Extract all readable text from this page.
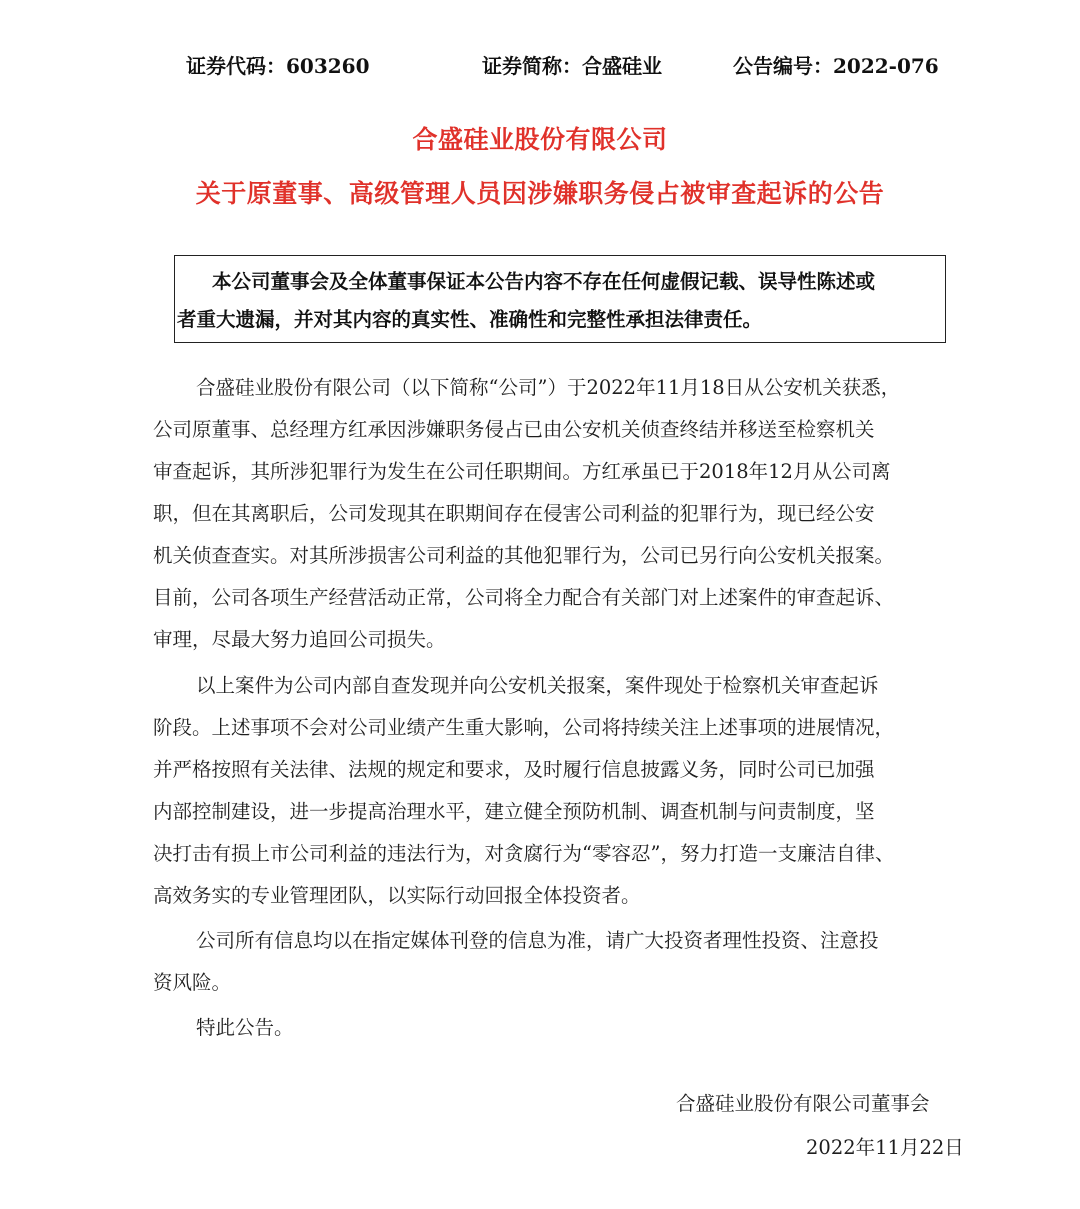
证券代码：603260	证券简称：合盛硅业	公告编号：2022-076
合盛硅业股份有限公司
关于原董事、高级管理人员因涉嫌职务侵占被审查起诉的公告
本公司董事会及全体董事保证本公告内容不存在任何虚假记载、误导性陈述或
者重大遗漏，并对其内容的真实性、准确性和完整性承担法律责任。
合盛硅业股份有限公司（以下简称“公司”）于2022年11月18日从公安机关获悉，
公司原董事、总经理方红承因涉嫌职务侵占已由公安机关侦查终结并移送至检察机关
审查起诉，其所涉犯罪行为发生在公司任职期间。方红承虽已于2018年12月从公司离
职，但在其离职后，公司发现其在职期间存在侵害公司利益的犯罪行为，现已经公安
机关侦查查实。对其所涉损害公司利益的其他犯罪行为，公司已另行向公安机关报案。
目前，公司各项生产经营活动正常，公司将全力配合有关部门对上述案件的审查起诉、
审理，尽最大努力追回公司损失。
以上案件为公司内部自查发现并向公安机关报案，案件现处于检察机关审查起诉
阶段。上述事项不会对公司业绩产生重大影响，公司将持续关注上述事项的进展情况，
并严格按照有关法律、法规的规定和要求，及时履行信息披露义务，同时公司已加强
内部控制建设，进一步提高治理水平，建立健全预防机制、调查机制与问责制度，坚
决打击有损上市公司利益的违法行为，对贪腐行为“零容忍”，努力打造一支廉洁自律、
高效务实的专业管理团队，以实际行动回报全体投资者。
公司所有信息均以在指定媒体刊登的信息为准，请广大投资者理性投资、注意投
资风险。
特此公告。
合盛硅业股份有限公司董事会
2022年11月22日
